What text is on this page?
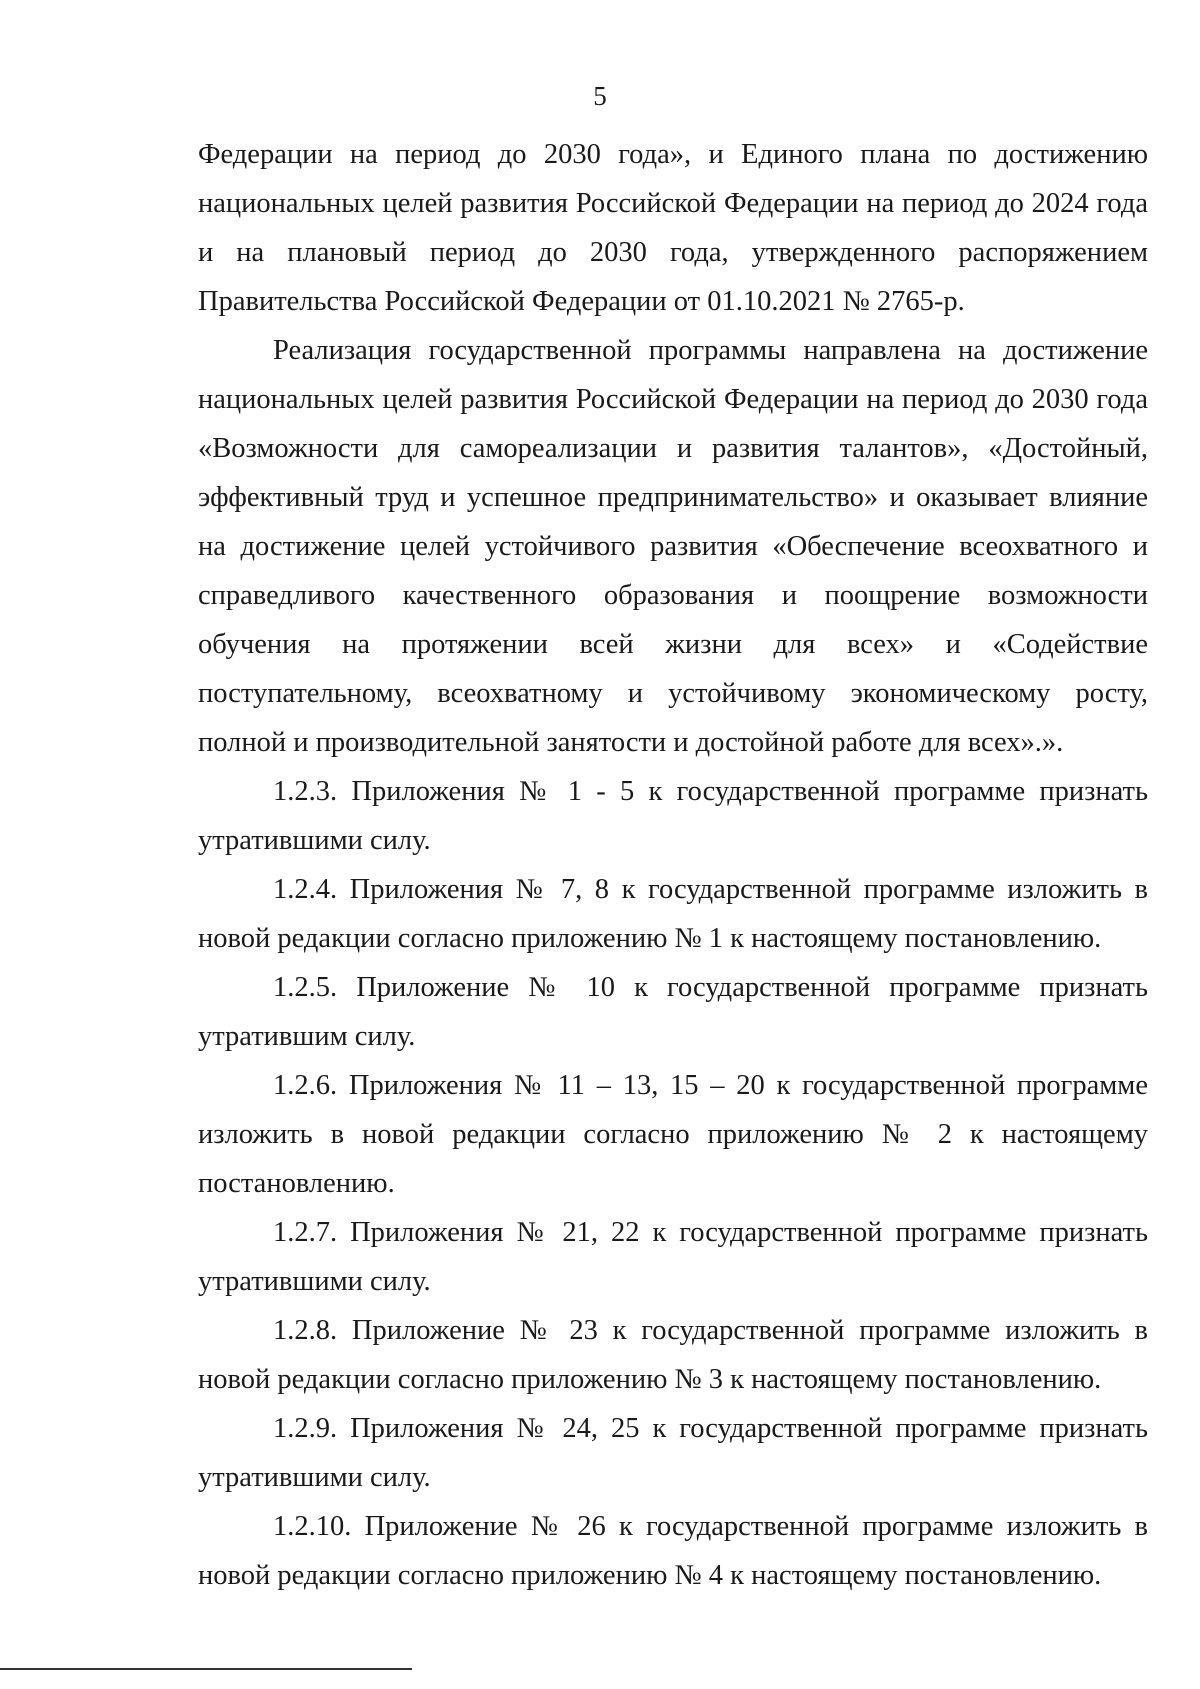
5

Федерации на период до 2030 года», и Единого плана по достижению национальных целей развития Российской Федерации на период до 2024 года и на плановый период до 2030 года, утвержденного распоряжением Правительства Российской Федерации от 01.10.2021 № 2765-р.

Реализация государственной программы направлена на достижение национальных целей развития Российской Федерации на период до 2030 года «Возможности для самореализации и развития талантов», «Достойный, эффективный труд и успешное предпринимательство» и оказывает влияние на достижение целей устойчивого развития «Обеспечение всеохватного и справедливого качественного образования и поощрение возможности обучения на протяжении всей жизни для всех» и «Содействие поступательному, всеохватному и устойчивому экономическому росту, полной и производительной занятости и достойной работе для всех».».

1.2.3. Приложения № 1 - 5 к государственной программе признать утратившими силу.

1.2.4. Приложения № 7, 8 к государственной программе изложить в новой редакции согласно приложению № 1 к настоящему постановлению.

1.2.5. Приложение № 10 к государственной программе признать утратившим силу.

1.2.6. Приложения № 11 – 13, 15 – 20 к государственной программе изложить в новой редакции согласно приложению № 2 к настоящему постановлению.

1.2.7. Приложения № 21, 22 к государственной программе признать утратившими силу.

1.2.8. Приложение № 23 к государственной программе изложить в новой редакции согласно приложению № 3 к настоящему постановлению.

1.2.9. Приложения № 24, 25 к государственной программе признать утратившими силу.

1.2.10. Приложение № 26 к государственной программе изложить в новой редакции согласно приложению № 4 к настоящему постановлению.
